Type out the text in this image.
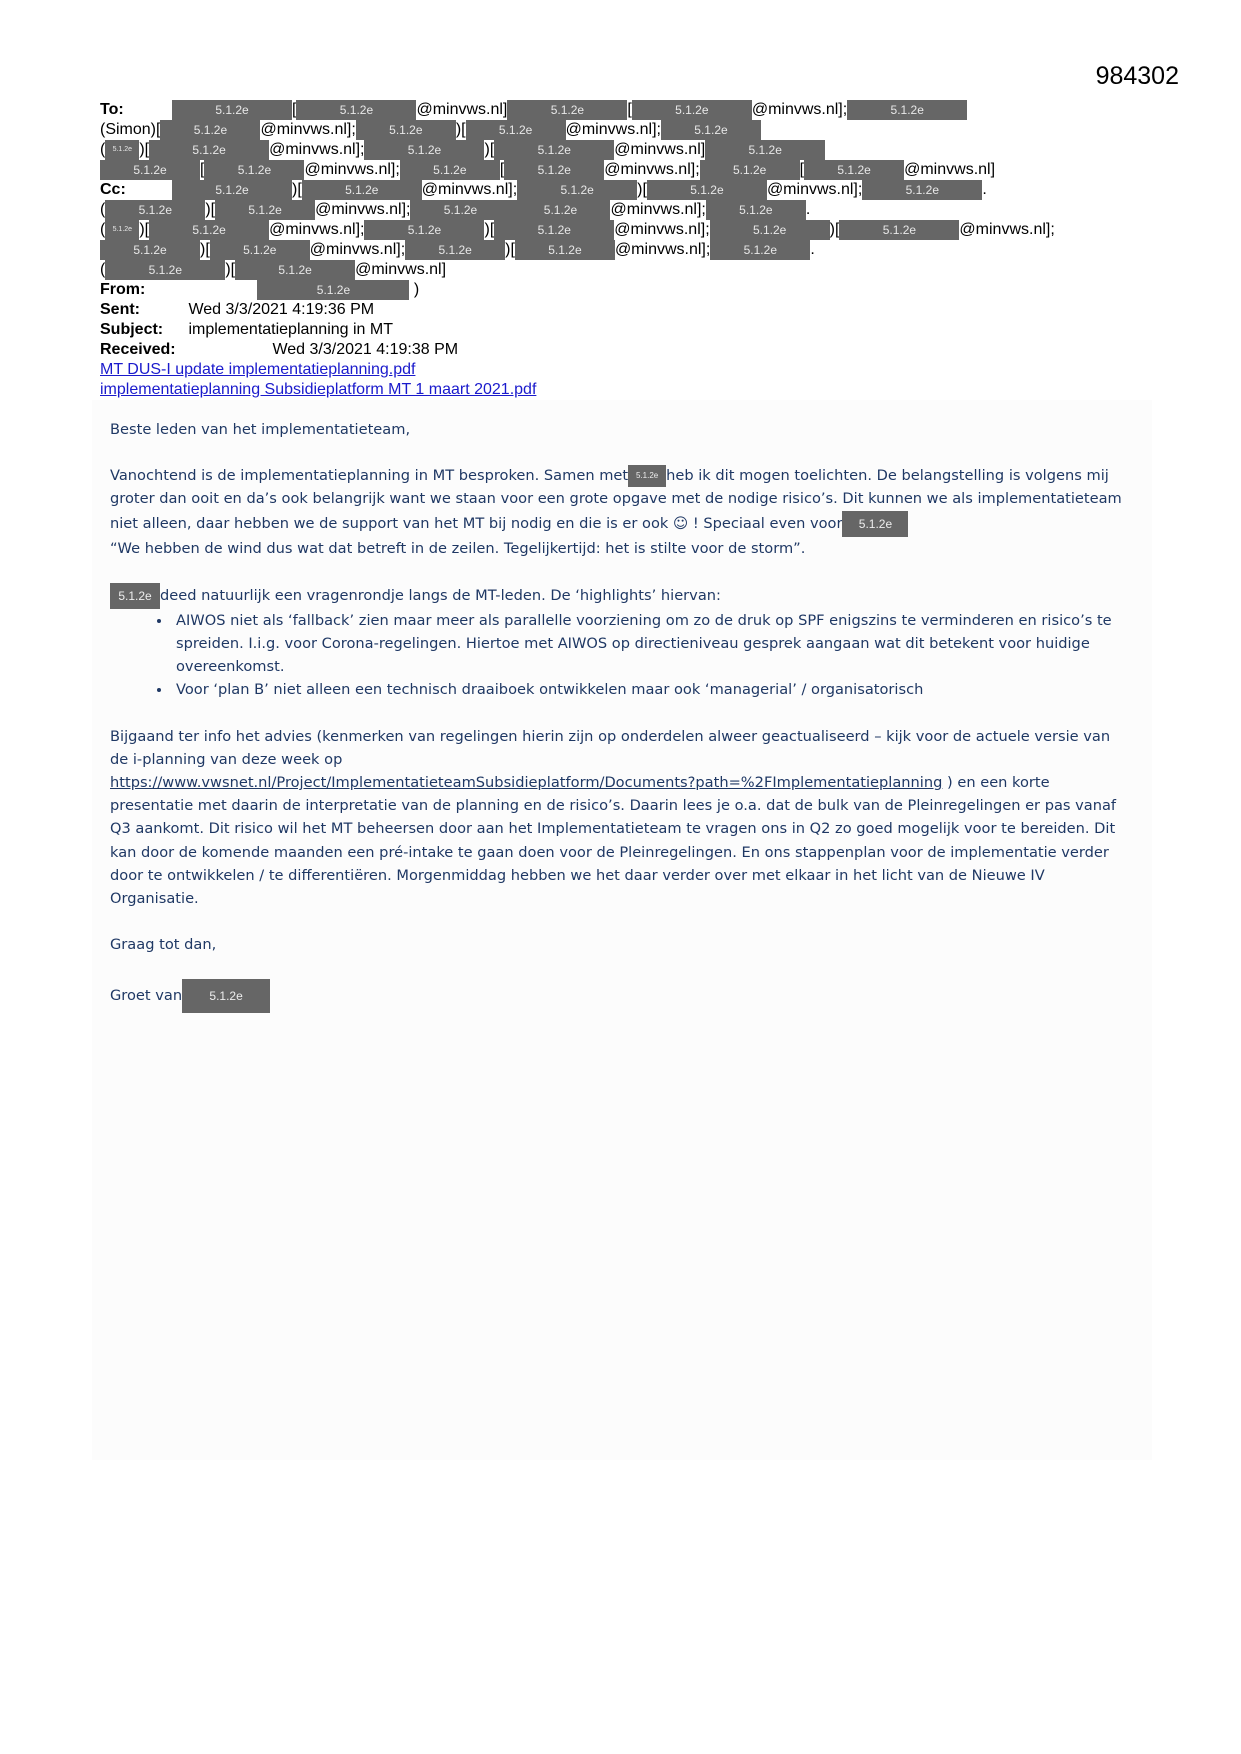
984302
To:	5.1.2e	[	5.1.2e	@minvws.nl]	5.1.2e	[	5.1.2e	@minvws.nl];	5.1.2e
(Simon)[	5.1.2e @minvws.nl];	5.1.2e )[	5.1.2e @minvws.nl];	5.1.2e
( 5.1.2e )[	5.1.2e	@minvws.nl];	5.1.2e	)[	5.1.2e	@minvws.nl]	5.1.2e
5.1.2e [	5.1.2e @minvws.nl];	5.1.2e [	5.1.2e @minvws.nl];	5.1.2e [	5.1.2e @minvws.nl]
Cc:	5.1.2e	)[	5.1.2e	@minvws.nl];	5.1.2e	)[	5.1.2e	@minvws.nl];	5.1.2e	.
(	5.1.2e )[	5.1.2e @minvws.nl];	5.1.2e	5.1.2e @minvws.nl];	5.1.2e .
( 5.1.2e )[	5.1.2e	@minvws.nl];	5.1.2e	)[	5.1.2e	@minvws.nl];	5.1.2e	)[	5.1.2e	@minvws.nl];
5.1.2e )[	5.1.2e @minvws.nl];	5.1.2e )[	5.1.2e @minvws.nl];	5.1.2e .
(	5.1.2e	)[	5.1.2e	@minvws.nl]
From:	5.1.2e	)
Sent:	Wed 3/3/2021 4:19:36 PM
Subject: implementatieplanning in MT
Received:	Wed 3/3/2021 4:19:38 PM
MT DUS-I update implementatieplanning.pdf
implementatieplanning Subsidieplatform MT 1 maart 2021.pdf

Beste leden van het implementatieteam,

Vanochtend is de implementatieplanning in MT besproken. Samen met 5.1.2e heb ik dit mogen toelichten. De belangstelling is volgens mij groter dan ooit en da’s ook belangrijk want we staan voor een grote opgave met de nodige risico’s. Dit kunnen we als implementatieteam niet alleen, daar hebben we de support van het MT bij nodig en die is er ook ☺ ! Speciaal even voor 5.1.2e
“We hebben de wind dus wat dat betreft in de zeilen. Tegelijkertijd: het is stilte voor de storm”.

5.1.2e deed natuurlijk een vragenrondje langs de MT-leden. De ‘highlights’ hiervan:

• AIWOS niet als ‘fallback’ zien maar meer als parallelle voorziening om zo de druk op SPF enigszins te verminderen en risico’s te spreiden. I.i.g. voor Corona-regelingen. Hiertoe met AIWOS op directieniveau gesprek aangaan wat dit betekent voor huidige overeenkomst.
• Voor ‘plan B’ niet alleen een technisch draaiboek ontwikkelen maar ook ‘managerial’ / organisatorisch

Bijgaand ter info het advies (kenmerken van regelingen hierin zijn op onderdelen alweer geactualiseerd – kijk voor de actuele versie van de i-planning van deze week op
https://www.vwsnet.nl/Project/ImplementatieteamSubsidieplatform/Documents?path=%2FImplementatieplanning ) en een korte presentatie met daarin de interpretatie van de planning en de risico’s. Daarin lees je o.a. dat de bulk van de Pleinregelingen er pas vanaf Q3 aankomt. Dit risico wil het MT beheersen door aan het Implementatieteam te vragen ons in Q2 zo goed mogelijk voor te bereiden. Dit kan door de komende maanden een pré-intake te gaan doen voor de Pleinregelingen. En ons stappenplan voor de implementatie verder door te ontwikkelen / te differentiëren. Morgenmiddag hebben we het daar verder over met elkaar in het licht van de Nieuwe IV Organisatie.

Graag tot dan,

Groet van 5.1.2e
